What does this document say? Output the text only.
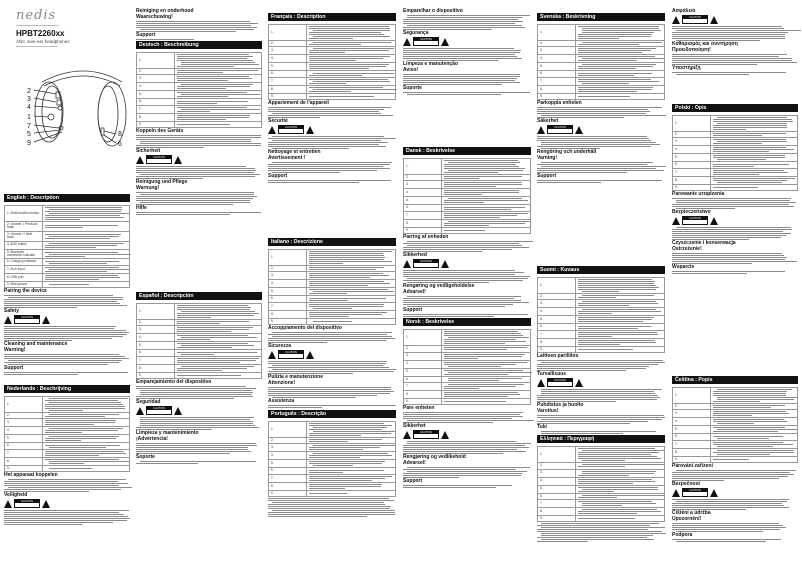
nedis
HPBT2260xx
ANC over-ear headphones
2
3
4
1
7
5
9
8
6
English : Description
1. Multi-function button	

2. Volume -/ Previous track	

3. Volume +/ Next track	

4. ANC button	

5. Bluetooth connection indicator	

6. Charging indicator	

7. AUX input	

8. USB port	

9. Microphone	
Pairing the device
Safety
CAUTION
Cleaning and maintenance
Warning!
Support
Nederlands : Beschrijving
1.	

2.	

3.	

4.	

5.	

6.	

7.	

8.	

9.	
Het apparaat koppelen
Veiligheid
CAUTION
Reiniging en onderhoud
Waarschuwing!
Support
Deutsch : Beschreibung
1.	

2.	

3.	

4.	

5.	

6.	

7.	

8.	

9.	
Koppeln des Geräts
Sicherheit
CAUTION
Reinigung und Pflege
Warnung!
Hilfe
Español : Descripción
1.	

2.	

3.	

4.	

5.	

6.	

7.	

8.	

9.	
Emparejamiento del dispositivo
Seguridad
CAUTION
Limpieza y mantenimiento
¡Advertencia!
Soporte
Français : Description
1.	

2.	

3.	

4.	

5.	

6.	

7.	

8.	

9.	
Appariement de l'appareil
Sécurité
CAUTION
Nettoyage et entretien
Avertissement !
Support
Italiano : Descrizione
1.	

2.	

3.	

4.	

5.	

6.	

7.	

8.	

9.	
Accoppiamento del dispositivo
Sicurezza
CAUTION
Pulizia e manutenzione
Attenzione!
Assistenza
Português : Descrição
1.	

2.	

3.	

4.	

5.	

6.	

7.	

8.	

9.	
Emparelhar o dispositivo
Segurança
CAUTION
Limpeza e manutenção
Aviso!
Suporte
Dansk : Beskrivelse
1.	

2.	

3.	

4.	

5.	

6.	

7.	

8.	

9.	
Parring af enheden
Sikkerhed
CAUTION
Rengøring og vedligeholdelse
Advarsel!
Support
Norsk : Beskrivelse
1.	

2.	

3.	

4.	

5.	

6.	

7.	

8.	

9.	
Pare enheten
Sikkerhet
CAUTION
Rengjøring og vedlikehold
Advarsel!
Support
Svenska : Beskrivning
1.	

2.	

3.	

4.	

5.	

6.	

7.	

8.	

9.	
Parkoppla enheten
Säkerhet
CAUTION
Rengöring och underhåll
Varning!
Support
Suomi : Kuvaus
1.	

2.	

3.	

4.	

5.	

6.	

7.	

8.	

9.	
Laitteen pariliitos
Turvallisuus
CAUTION
Puhdistus ja huolto
Varoitus!
Tuki
Ελληνικά : Περιγραφή
1.	

2.	

3.	

4.	

5.	

6.	

7.	

8.	

9.	
Ασφάλεια
CAUTION
Καθαρισμός και συντήρηση
Προειδοποίηση!
Υποστήριξη
Polski : Opis
1.	

2.	

3.	

4.	

5.	

6.	

7.	

8.	

9.	
Parowanie urządzenia
Bezpieczeństwo
CAUTION
Czyszczenie i konserwacja
Ostrzeżenie!
Wsparcie
Čeština : Popis
1.	

2.	

3.	

4.	

5.	

6.	

7.	

8.	

9.	
Párování zařízení
Bezpečnost
CAUTION
Čištění a údržba
Upozornění!
Podpora
